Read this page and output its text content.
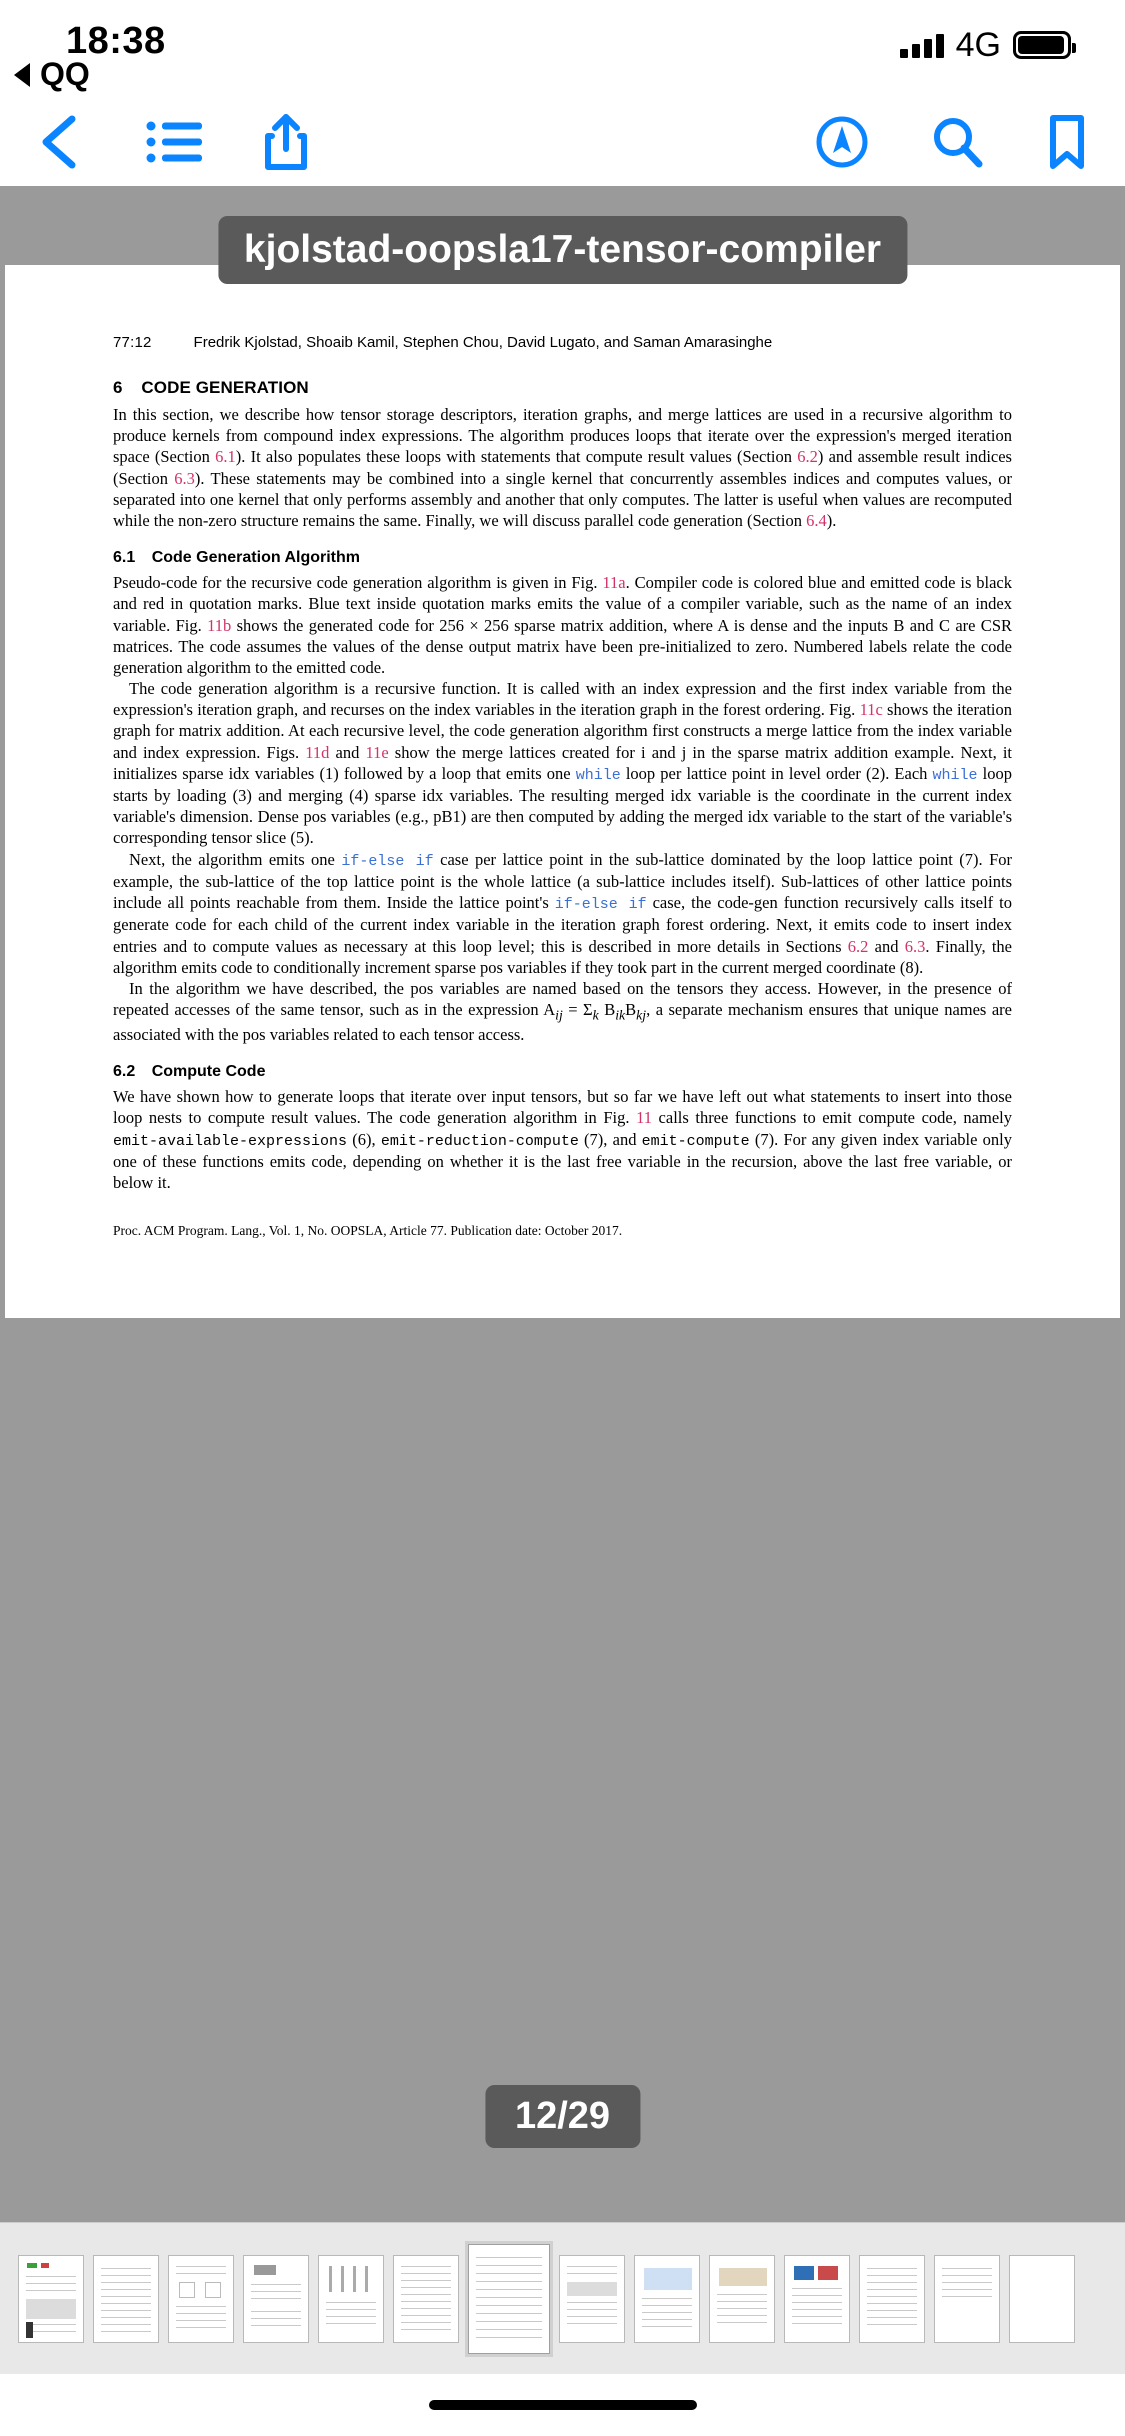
18:38	4G
QQ
kjolstad-oopsla17-tensor-compiler
77:12	Fredrik Kjolstad, Shoaib Kamil, Stephen Chou, David Lugato, and Saman Amarasinghe
6 CODE GENERATION

In this section, we describe how tensor storage descriptors, iteration graphs, and merge lattices are used in a recursive algorithm to produce kernels from compound index expressions. The algorithm produces loops that iterate over the expression's merged iteration space (Section 6.1). It also populates these loops with statements that compute result values (Section 6.2) and assemble result indices (Section 6.3). These statements may be combined into a single kernel that concurrently assembles indices and computes values, or separated into one kernel that only performs assembly and another that only computes. The latter is useful when values are recomputed while the non-zero structure remains the same. Finally, we will discuss parallel code generation (Section 6.4).

6.1 Code Generation Algorithm

Pseudo-code for the recursive code generation algorithm is given in Fig. 11a. Compiler code is colored blue and emitted code is black and red in quotation marks. Blue text inside quotation marks emits the value of a compiler variable, such as the name of an index variable. Fig. 11b shows the generated code for 256 × 256 sparse matrix addition, where A is dense and the inputs B and C are CSR matrices. The code assumes the values of the dense output matrix have been pre-initialized to zero. Numbered labels relate the code generation algorithm to the emitted code.

The code generation algorithm is a recursive function. It is called with an index expression and the first index variable from the expression's iteration graph, and recurses on the index variables in the iteration graph in the forest ordering. Fig. 11c shows the iteration graph for matrix addition. At each recursive level, the code generation algorithm first constructs a merge lattice from the index variable and index expression. Figs. 11d and 11e show the merge lattices created for i and j in the sparse matrix addition example. Next, it initializes sparse idx variables (1) followed by a loop that emits one while loop per lattice point in level order (2). Each while loop starts by loading (3) and merging (4) sparse idx variables. The resulting merged idx variable is the coordinate in the current index variable's dimension. Dense pos variables (e.g., pB1) are then computed by adding the merged idx variable to the start of the variable's corresponding tensor slice (5).

Next, the algorithm emits one if-else if case per lattice point in the sub-lattice dominated by the loop lattice point (7). For example, the sub-lattice of the top lattice point is the whole lattice (a sub-lattice includes itself). Sub-lattices of other lattice points include all points reachable from them. Inside the lattice point's if-else if case, the code-gen function recursively calls itself to generate code for each child of the current index variable in the iteration graph forest ordering. Next, it emits code to insert index entries and to compute values as necessary at this loop level; this is described in more details in Sections 6.2 and 6.3. Finally, the algorithm emits code to conditionally increment sparse pos variables if they took part in the current merged coordinate (8).

In the algorithm we have described, the pos variables are named based on the tensors they access. However, in the presence of repeated accesses of the same tensor, such as in the expression $A_{ij} = \Sigma_k$ $B_{ik}B_{kj}$, a separate mechanism ensures that unique names are associated with the pos variables related to each tensor access.

6.2 Compute Code

We have shown how to generate loops that iterate over input tensors, but so far we have left out what statements to insert into those loop nests to compute result values. The code generation algorithm in Fig. 11 calls three functions to emit compute code, namely emit-available-expressions (6), emit-reduction-compute (7), and emit-compute (7). For any given index variable only one of these functions emits code, depending on whether it is the last free variable in the recursion, above the last free variable, or below it.

Proc. ACM Program. Lang., Vol. 1, No. OOPSLA, Article 77. Publication date: October 2017.
12/29
